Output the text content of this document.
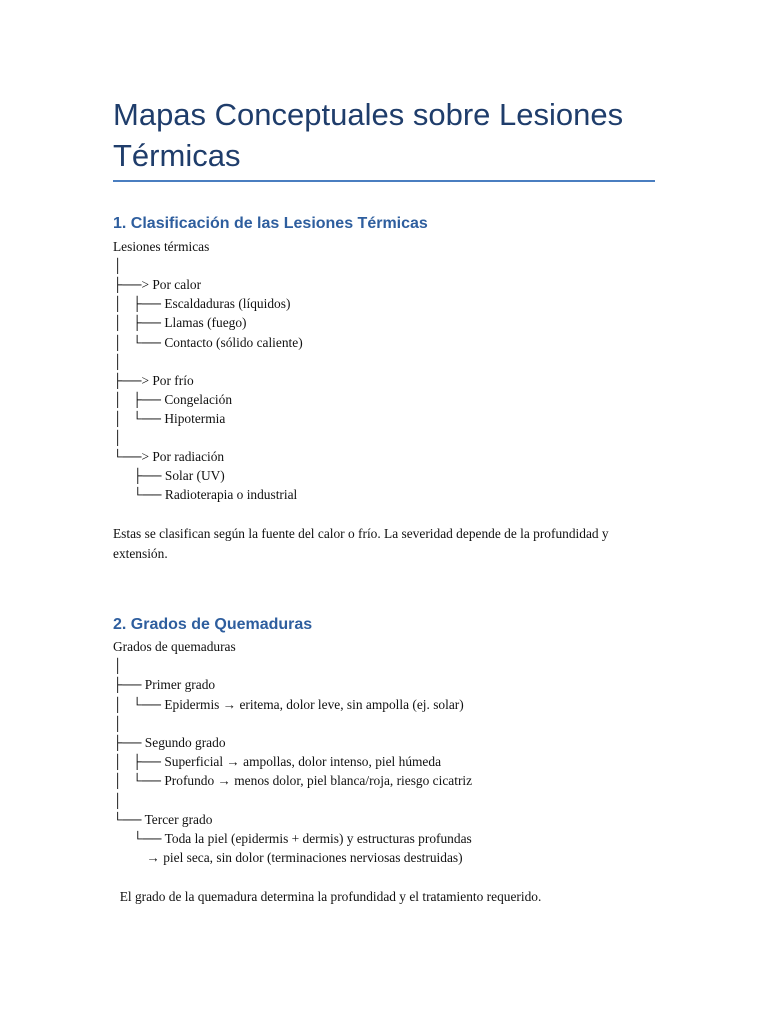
Mapas Conceptuales sobre Lesiones Térmicas
1. Clasificación de las Lesiones Térmicas
Lesiones térmicas
│
├──> Por calor
│   ├── Escaldaduras (líquidos)
│   ├── Llamas (fuego)
│   └── Contacto (sólido caliente)
│
├──> Por frío
│   ├── Congelación
│   └── Hipotermia
│
└──> Por radiación
├── Solar (UV)
└── Radioterapia o industrial

Estas se clasifican según la fuente del calor o frío. La severidad depende de la profundidad y extensión.

2. Grados de Quemaduras
Grados de quemaduras
│
├── Primer grado
│   └── Epidermis → eritema, dolor leve, sin ampolla (ej. solar)
│
├── Segundo grado
│   ├── Superficial → ampollas, dolor intenso, piel húmeda
│   └── Profundo → menos dolor, piel blanca/roja, riesgo cicatriz
│
└── Tercer grado
└── Toda la piel (epidermis + dermis) y estructuras profundas
→ piel seca, sin dolor (terminaciones nerviosas destruidas)

El grado de la quemadura determina la profundidad y el tratamiento requerido.
